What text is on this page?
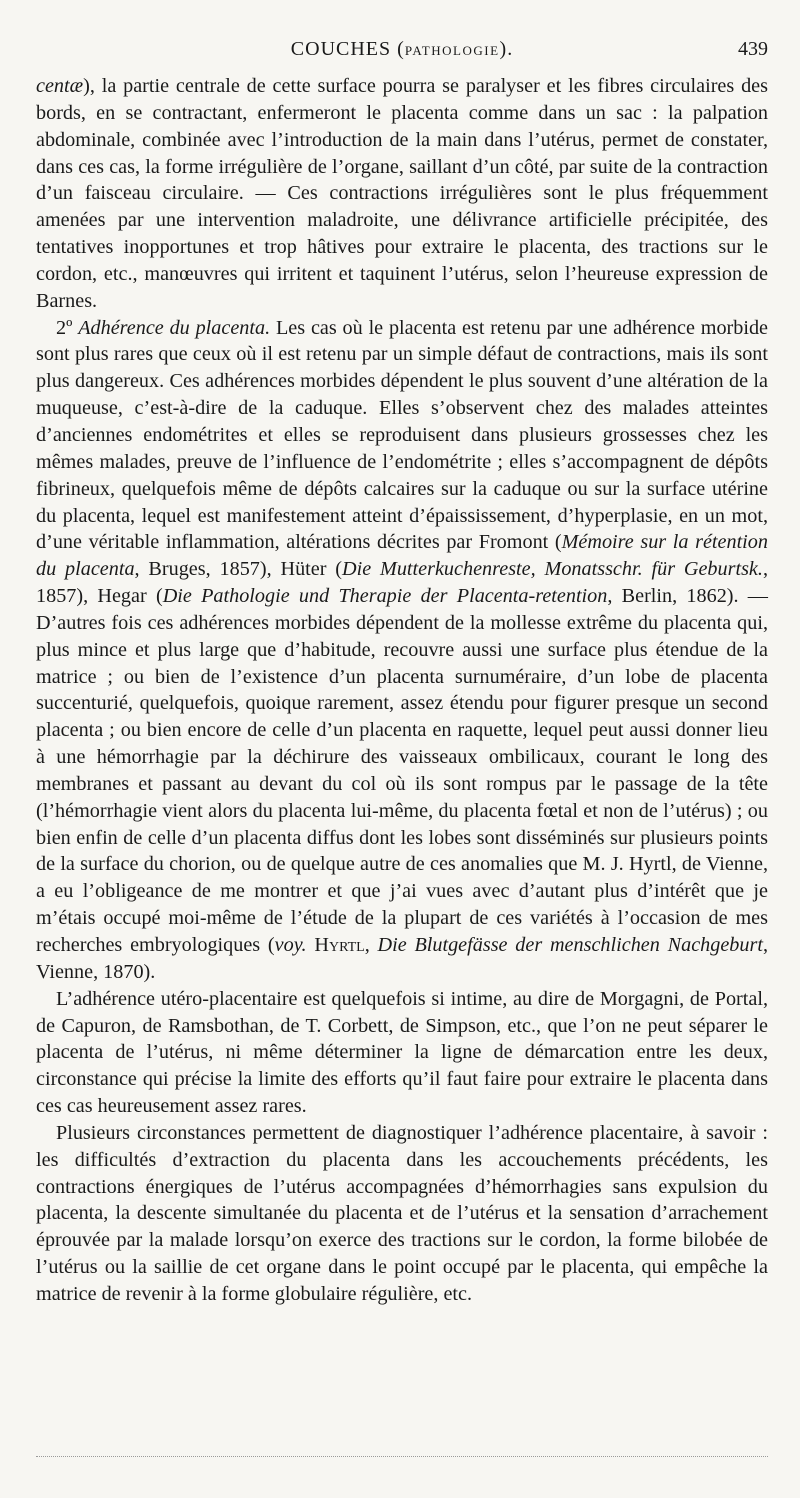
COUCHES (PATHOLOGIE).	439

centæ), la partie centrale de cette surface pourra se paralyser et les fibres circulaires des bords, en se contractant, enfermeront le placenta comme dans un sac : la palpation abdominale, combinée avec l’introduction de la main dans l’utérus, permet de constater, dans ces cas, la forme irrégulière de l’organe, saillant d’un côté, par suite de la contraction d’un faisceau circulaire. — Ces contractions irrégulières sont le plus fréquemment amenées par une intervention maladroite, une délivrance artificielle précipitée, des tentatives inopportunes et trop hâtives pour extraire le placenta, des tractions sur le cordon, etc., manœuvres qui irritent et taquinent l’utérus, selon l’heureuse expression de Barnes.

2º Adhérence du placenta. Les cas où le placenta est retenu par une adhérence morbide sont plus rares que ceux où il est retenu par un simple défaut de contractions, mais ils sont plus dangereux. Ces adhérences morbides dépendent le plus souvent d’une altération de la muqueuse, c’est-à-dire de la caduque. Elles s’observent chez des malades atteintes d’anciennes endométrites et elles se reproduisent dans plusieurs grossesses chez les mêmes malades, preuve de l’influence de l’endométrite ; elles s’accompagnent de dépôts fibrineux, quelquefois même de dépôts calcaires sur la caduque ou sur la surface utérine du placenta, lequel est manifestement atteint d’épaississement, d’hyperplasie, en un mot, d’une véritable inflammation, altérations décrites par Fromont (Mémoire sur la rétention du placenta, Bruges, 1857), Hüter (Die Mutterkuchenreste, Monatsschr. für Geburtsk., 1857), Hegar (Die Pathologie und Therapie der Placenta-retention, Berlin, 1862). — D’autres fois ces adhérences morbides dépendent de la mollesse extrême du placenta qui, plus mince et plus large que d’habitude, recouvre aussi une surface plus étendue de la matrice ; ou bien de l’existence d’un placenta surnuméraire, d’un lobe de placenta succenturié, quelquefois, quoique rarement, assez étendu pour figurer presque un second placenta ; ou bien encore de celle d’un placenta en raquette, lequel peut aussi donner lieu à une hémorrhagie par la déchirure des vaisseaux ombilicaux, courant le long des membranes et passant au devant du col où ils sont rompus par le passage de la tête (l’hémorrhagie vient alors du placenta lui-même, du placenta fœtal et non de l’utérus) ; ou bien enfin de celle d’un placenta diffus dont les lobes sont disséminés sur plusieurs points de la surface du chorion, ou de quelque autre de ces anomalies que M. J. Hyrtl, de Vienne, a eu l’obligeance de me montrer et que j’ai vues avec d’autant plus d’intérêt que je m’étais occupé moi-même de l’étude de la plupart de ces variétés à l’occasion de mes recherches embryologiques (voy. Hyrtl, Die Blutgefässe der menschlichen Nachgeburt, Vienne, 1870).

L’adhérence utéro-placentaire est quelquefois si intime, au dire de Morgagni, de Portal, de Capuron, de Ramsbothan, de T. Corbett, de Simpson, etc., que l’on ne peut séparer le placenta de l’utérus, ni même déterminer la ligne de démarcation entre les deux, circonstance qui précise la limite des efforts qu’il faut faire pour extraire le placenta dans ces cas heureusement assez rares.

Plusieurs circonstances permettent de diagnostiquer l’adhérence placentaire, à savoir : les difficultés d’extraction du placenta dans les accouchements précédents, les contractions énergiques de l’utérus accompagnées d’hémorrhagies sans expulsion du placenta, la descente simultanée du placenta et de l’utérus et la sensation d’arrachement éprouvée par la malade lorsqu’on exerce des tractions sur le cordon, la forme bilobée de l’utérus ou la saillie de cet organe dans le point occupé par le placenta, qui empêche la matrice de revenir à la forme globulaire régulière, etc.
